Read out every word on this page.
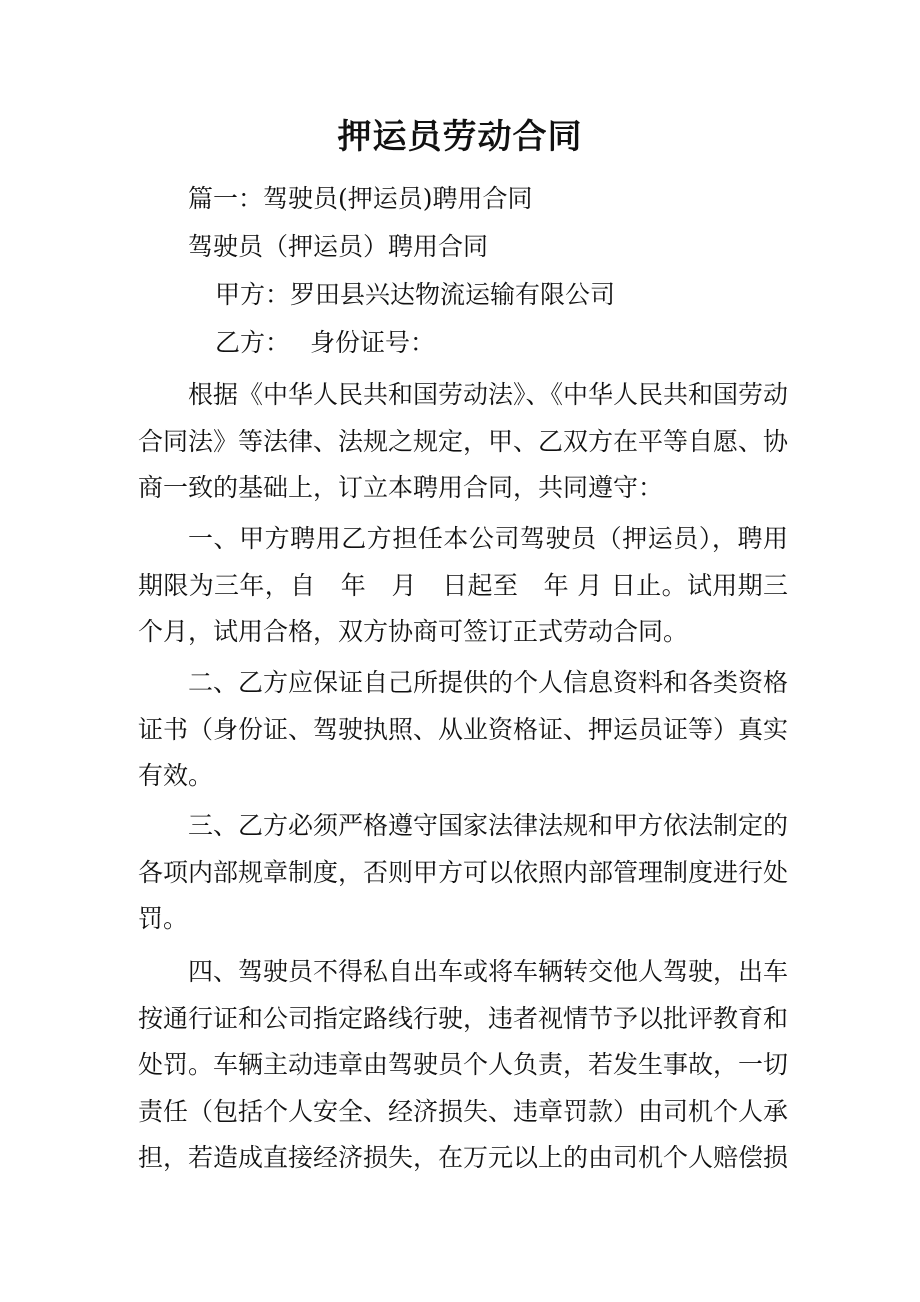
押运员劳动合同

篇一：驾驶员(押运员)聘用合同

驾驶员（押运员）聘用合同

甲方：罗田县兴达物流运输有限公司

乙方： 身份证号：

根据《中华人民共和国劳动法》、《中华人民共和国劳动合同法》等法律、法规之规定，甲、乙双方在平等自愿、协商一致的基础上，订立本聘用合同，共同遵守：

一、甲方聘用乙方担任本公司驾驶员（押运员），聘用期限为三年，自　年　月　日起至　年 月 日止。试用期三个月，试用合格，双方协商可签订正式劳动合同。

二、乙方应保证自己所提供的个人信息资料和各类资格证书（身份证、驾驶执照、从业资格证、押运员证等）真实有效。

三、乙方必须严格遵守国家法律法规和甲方依法制定的各项内部规章制度，否则甲方可以依照内部管理制度进行处罚。

四、驾驶员不得私自出车或将车辆转交他人驾驶，出车按通行证和公司指定路线行驶，违者视情节予以批评教育和处罚。车辆主动违章由驾驶员个人负责，若发生事故，一切责任（包括个人安全、经济损失、违章罚款）由司机个人承担，若造成直接经济损失，在万元以上的由司机个人赔偿损
